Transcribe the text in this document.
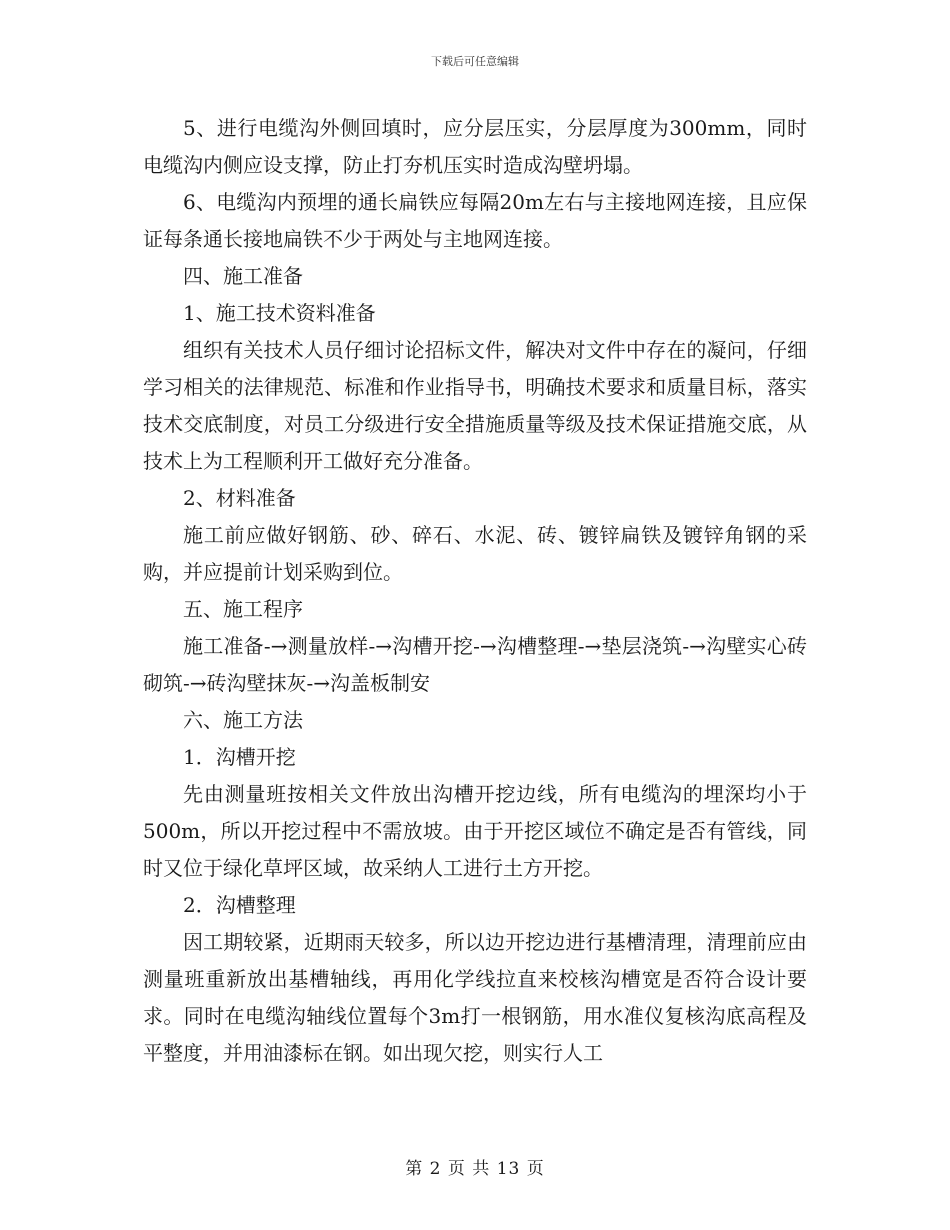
下载后可任意编辑

5、进行电缆沟外侧回填时，应分层压实，分层厚度为300mm，同时电缆沟内侧应设支撑，防止打夯机压实时造成沟壁坍塌。

6、电缆沟内预埋的通长扁铁应每隔20m左右与主接地网连接，且应保证每条通长接地扁铁不少于两处与主地网连接。

四、施工准备

1、施工技术资料准备

组织有关技术人员仔细讨论招标文件，解决对文件中存在的凝问，仔细学习相关的法律规范、标准和作业指导书，明确技术要求和质量目标，落实技术交底制度，对员工分级进行安全措施质量等级及技术保证措施交底，从技术上为工程顺利开工做好充分准备。

2、材料准备

施工前应做好钢筋、砂、碎石、水泥、砖、镀锌扁铁及镀锌角钢的采购，并应提前计划采购到位。

五、施工程序

施工准备-→测量放样-→沟槽开挖-→沟槽整理-→垫层浇筑-→沟壁实心砖砌筑-→砖沟壁抹灰-→沟盖板制安

六、施工方法

1．沟槽开挖

先由测量班按相关文件放出沟槽开挖边线，所有电缆沟的埋深均小于500m，所以开挖过程中不需放坡。由于开挖区域位不确定是否有管线，同时又位于绿化草坪区域，故采纳人工进行土方开挖。

2．沟槽整理

因工期较紧，近期雨天较多，所以边开挖边进行基槽清理，清理前应由测量班重新放出基槽轴线，再用化学线拉直来校核沟槽宽是否符合设计要求。同时在电缆沟轴线位置每个3m打一根钢筋，用水准仪复核沟底高程及平整度，并用油漆标在钢。如出现欠挖，则实行人工

第 2 页 共 13 页
